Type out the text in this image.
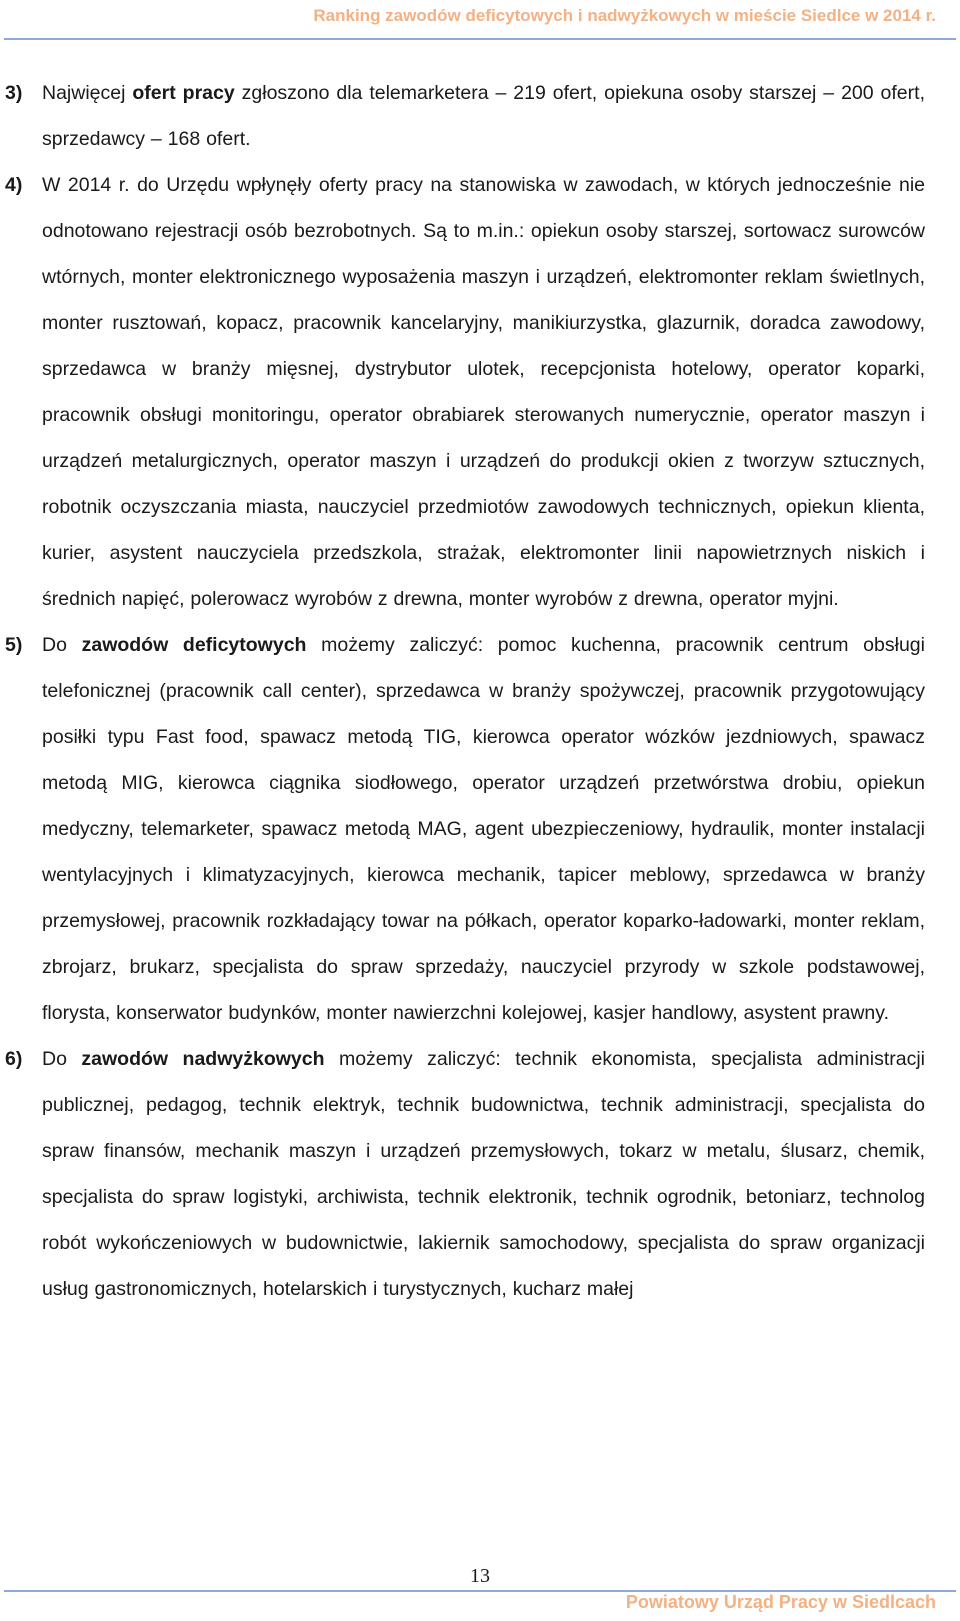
Ranking zawodów deficytowych i nadwyżkowych w mieście Siedlce w 2014 r.
3) Najwięcej ofert pracy zgłoszono dla telemarketera – 219 ofert, opiekuna osoby starszej – 200 ofert, sprzedawcy – 168 ofert.

4) W 2014 r. do Urzędu wpłynęły oferty pracy na stanowiska w zawodach, w których jednocześnie nie odnotowano rejestracji osób bezrobotnych. Są to m.in.: opiekun osoby starszej, sortowacz surowców wtórnych, monter elektronicznego wyposażenia maszyn i urządzeń, elektromonter reklam świetlnych, monter rusztowań, kopacz, pracownik kancelaryjny, manikiurzystka, glazurnik, doradca zawodowy, sprzedawca w branży mięsnej, dystrybutor ulotek, recepcjonista hotelowy, operator koparki, pracownik obsługi monitoringu, operator obrabiarek sterowanych numerycznie, operator maszyn i urządzeń metalurgicznych, operator maszyn i urządzeń do produkcji okien z tworzyw sztucznych, robotnik oczyszczania miasta, nauczyciel przedmiotów zawodowych technicznych, opiekun klienta, kurier, asystent nauczyciela przedszkola, strażak, elektromonter linii napowietrznych niskich i średnich napięć, polerowacz wyrobów z drewna, monter wyrobów z drewna, operator myjni.

5) Do zawodów deficytowych możemy zaliczyć: pomoc kuchenna, pracownik centrum obsługi telefonicznej (pracownik call center), sprzedawca w branży spożywczej, pracownik przygotowujący posiłki typu Fast food, spawacz metodą TIG, kierowca operator wózków jezdniowych, spawacz metodą MIG, kierowca ciągnika siodłowego, operator urządzeń przetwórstwa drobiu, opiekun medyczny, telemarketer, spawacz metodą MAG, agent ubezpieczeniowy, hydraulik, monter instalacji wentylacyjnych i klimatyzacyjnych, kierowca mechanik, tapicer meblowy, sprzedawca w branży przemysłowej, pracownik rozkładający towar na półkach, operator koparko-ładowarki, monter reklam, zbrojarz, brukarz, specjalista do spraw sprzedaży, nauczyciel przyrody w szkole podstawowej, florysta, konserwator budynków, monter nawierzchni kolejowej, kasjer handlowy, asystent prawny.

6) Do zawodów nadwyżkowych możemy zaliczyć: technik ekonomista, specjalista administracji publicznej, pedagog, technik elektryk, technik budownictwa, technik administracji, specjalista do spraw finansów, mechanik maszyn i urządzeń przemysłowych, tokarz w metalu, ślusarz, chemik, specjalista do spraw logistyki, archiwista, technik elektronik, technik ogrodnik, betoniarz, technolog robót wykończeniowych w budownictwie, lakiernik samochodowy, specjalista do spraw organizacji usług gastronomicznych, hotelarskich i turystycznych, kucharz małej

13
Powiatowy Urząd Pracy w Siedlcach
